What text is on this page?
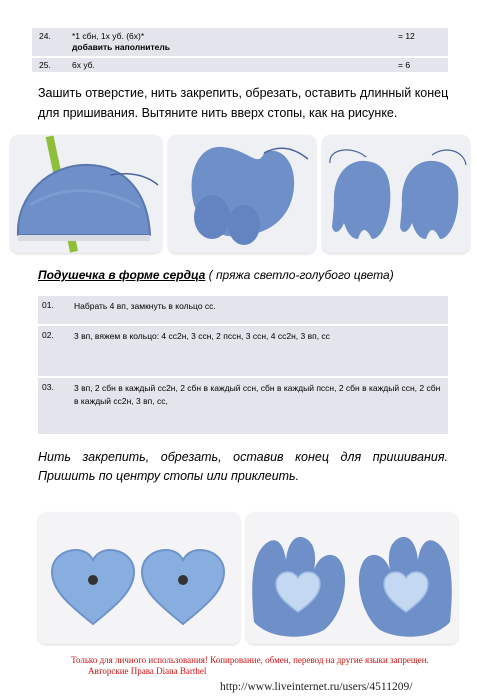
24. *1 сбн, 1х уб. (6х)*
добавить наполнитель
= 12
25. 6х уб.	= 6

Зашить отверстие, нить закрепить, обрезать, оставить длинный конец для пришивания. Вытяните нить вверх стопы, как на рисунке.

Подушечка в форме сердца ( пряжа светло-голубого цвета)
01. Набрать 4 вп, замкнуть в кольцо сс.
02. 3 вп, вяжем в кольцо: 4 сс2н, 3 ссн, 2 пссн, 3 ссн, 4 сс2н, 3 вп, сс
03. 3 вп, 2 сбн в каждый сс2н, 2 сбн в каждый ссн, сбн в каждый пссн, 2 сбн в каждый ссн, 2 сбн в каждый сс2н, 3 вп, сс,

Нить закрепить, обрезать, оставив конец для пришивания. Пришить по центру стопы или приклеить.

Только для личного использования! Копирование, обмен, перевод на другие языки запрещен.
Авторские Права Diana Barthel
http://www.liveinternet.ru/users/4511209/
